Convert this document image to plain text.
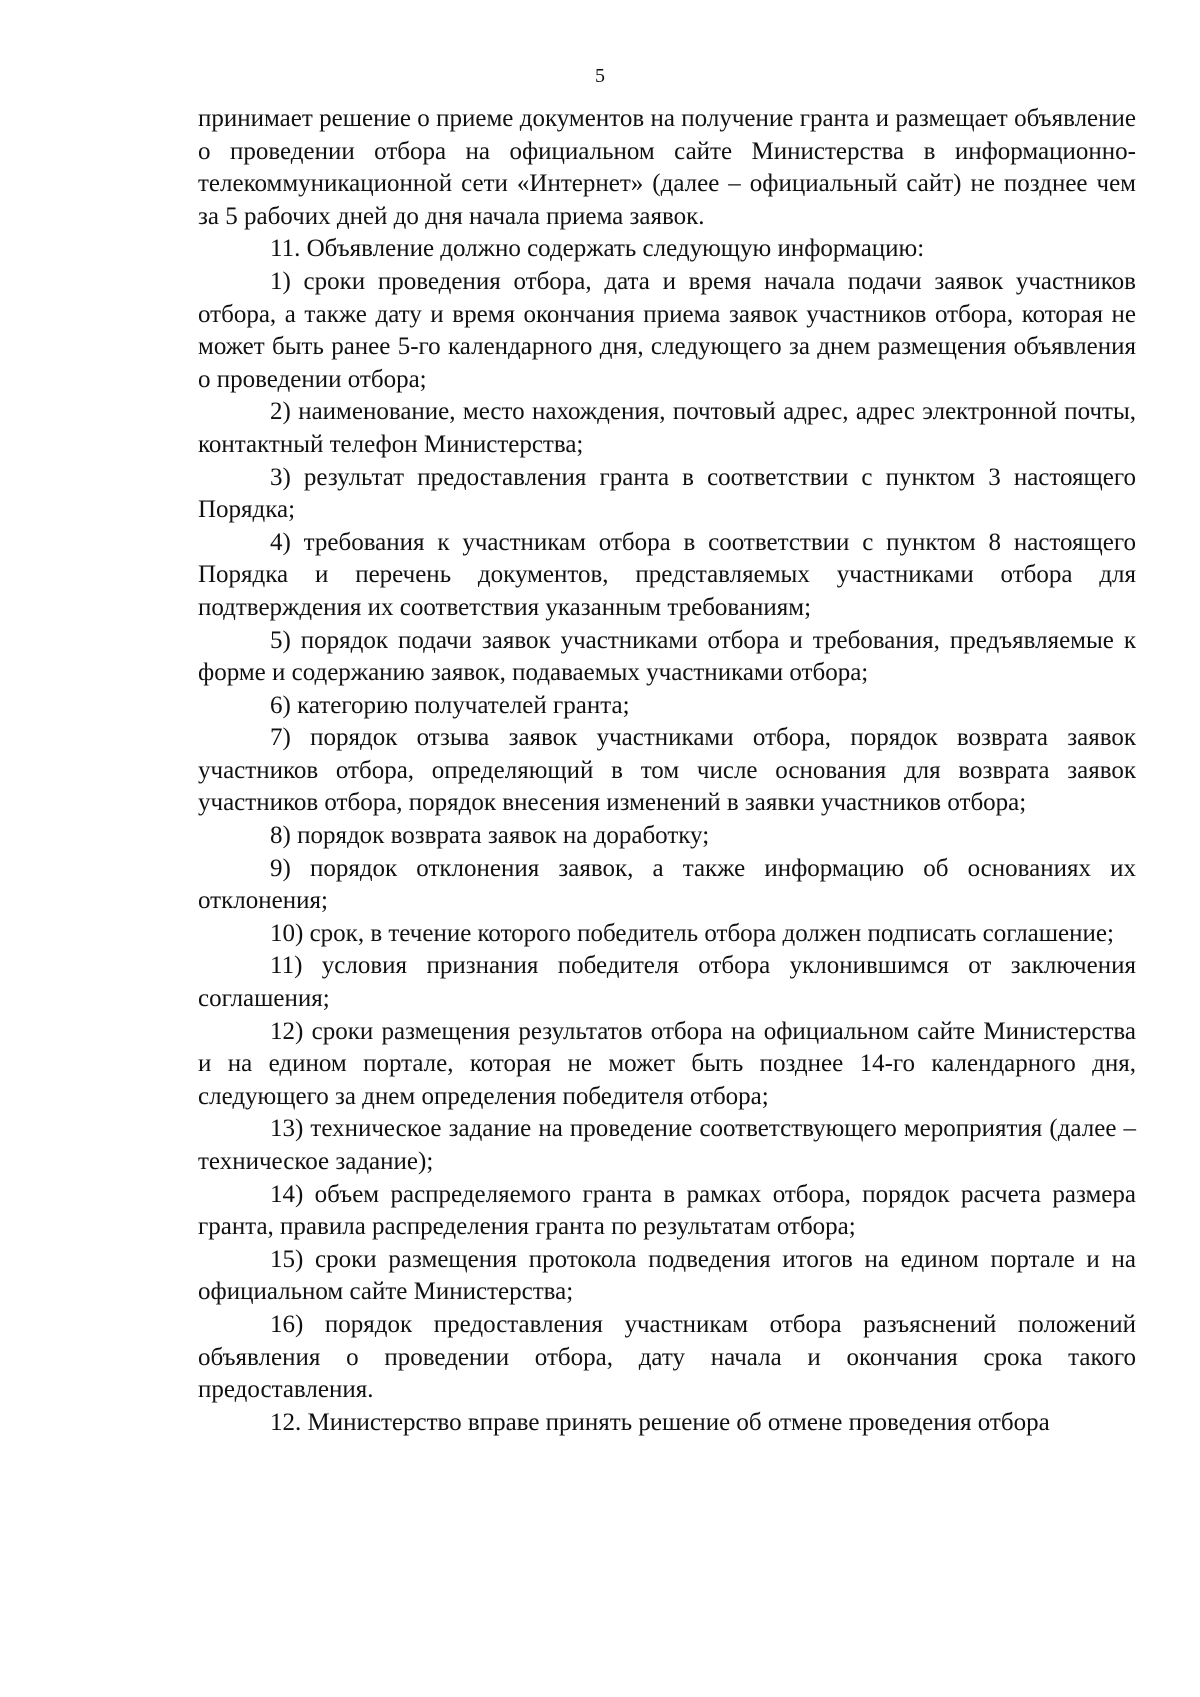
5

принимает решение о приеме документов на получение гранта и размещает объявление о проведении отбора на официальном сайте Министерства в информационно-телекоммуникационной сети «Интернет» (далее – официальный сайт) не позднее чем за 5 рабочих дней до дня начала приема заявок.

11. Объявление должно содержать следующую информацию:

1) сроки проведения отбора, дата и время начала подачи заявок участников отбора, а также дату и время окончания приема заявок участников отбора, которая не может быть ранее 5-го календарного дня, следующего за днем размещения объявления о проведении отбора;

2) наименование, место нахождения, почтовый адрес, адрес электронной почты, контактный телефон Министерства;

3) результат предоставления гранта в соответствии с пунктом 3 настоящего Порядка;

4) требования к участникам отбора в соответствии с пунктом 8 настоящего Порядка и перечень документов, представляемых участниками отбора для подтверждения их соответствия указанным требованиям;

5) порядок подачи заявок участниками отбора и требования, предъявляемые к форме и содержанию заявок, подаваемых участниками отбора;

6) категорию получателей гранта;

7) порядок отзыва заявок участниками отбора, порядок возврата заявок участников отбора, определяющий в том числе основания для возврата заявок участников отбора, порядок внесения изменений в заявки участников отбора;

8) порядок возврата заявок на доработку;

9) порядок отклонения заявок, а также информацию об основаниях их отклонения;

10) срок, в течение которого победитель отбора должен подписать соглашение;

11) условия признания победителя отбора уклонившимся от заключения соглашения;

12) сроки размещения результатов отбора на официальном сайте Министерства и на едином портале, которая не может быть позднее 14-го календарного дня, следующего за днем определения победителя отбора;

13) техническое задание на проведение соответствующего мероприятия (далее – техническое задание);

14) объем распределяемого гранта в рамках отбора, порядок расчета размера гранта, правила распределения гранта по результатам отбора;

15) сроки размещения протокола подведения итогов на едином портале и на официальном сайте Министерства;

16) порядок предоставления участникам отбора разъяснений положений объявления о проведении отбора, дату начала и окончания срока такого предоставления.

12. Министерство вправе принять решение об отмене проведения отбора
